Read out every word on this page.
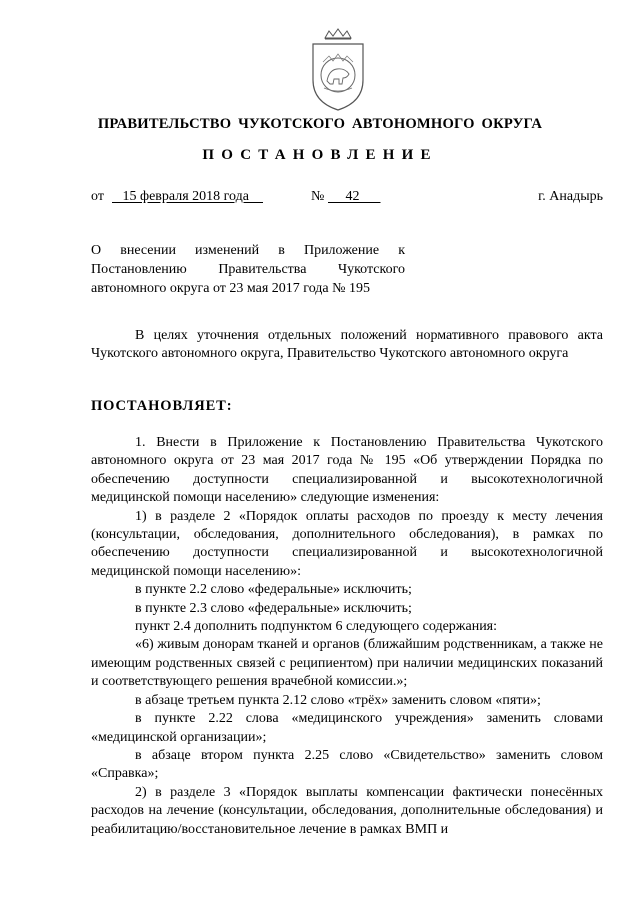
ПРАВИТЕЛЬСТВО ЧУКОТСКОГО АВТОНОМНОГО ОКРУГА
ПОСТАНОВЛЕНИЕ
от	15 февраля 2018 года	№	42	г. Анадырь
О внесении изменений в Приложение к Постановлению Правительства Чукотского автономного округа от 23 мая 2017 года № 195

В целях уточнения отдельных положений нормативного правового акта Чукотского автономного округа, Правительство Чукотского автономного округа

ПОСТАНОВЛЯЕТ:

1. Внести в Приложение к Постановлению Правительства Чукотского автономного округа от 23 мая 2017 года № 195 «Об утверждении Порядка по обеспечению доступности специализированной и высокотехнологичной медицинской помощи населению» следующие изменения:

1) в разделе 2 «Порядок оплаты расходов по проезду к месту лечения (консультации, обследования, дополнительного обследования), в рамках по обеспечению доступности специализированной и высокотехнологичной медицинской помощи населению»:

в пункте 2.2 слово «федеральные» исключить;

в пункте 2.3 слово «федеральные» исключить;

пункт 2.4 дополнить подпунктом 6 следующего содержания:

«6) живым донорам тканей и органов (ближайшим родственникам, а также не имеющим родственных связей с реципиентом) при наличии медицинских показаний и соответствующего решения врачебной комиссии.»;

в абзаце третьем пункта 2.12 слово «трёх» заменить словом «пяти»;

в пункте 2.22 слова «медицинского учреждения» заменить словами «медицинской организации»;

в абзаце втором пункта 2.25 слово «Свидетельство» заменить словом «Справка»;

2) в разделе 3 «Порядок выплаты компенсации фактически понесённых расходов на лечение (консультации, обследования, дополнительные обследования) и реабилитацию/восстановительное лечение в рамках ВМП и
